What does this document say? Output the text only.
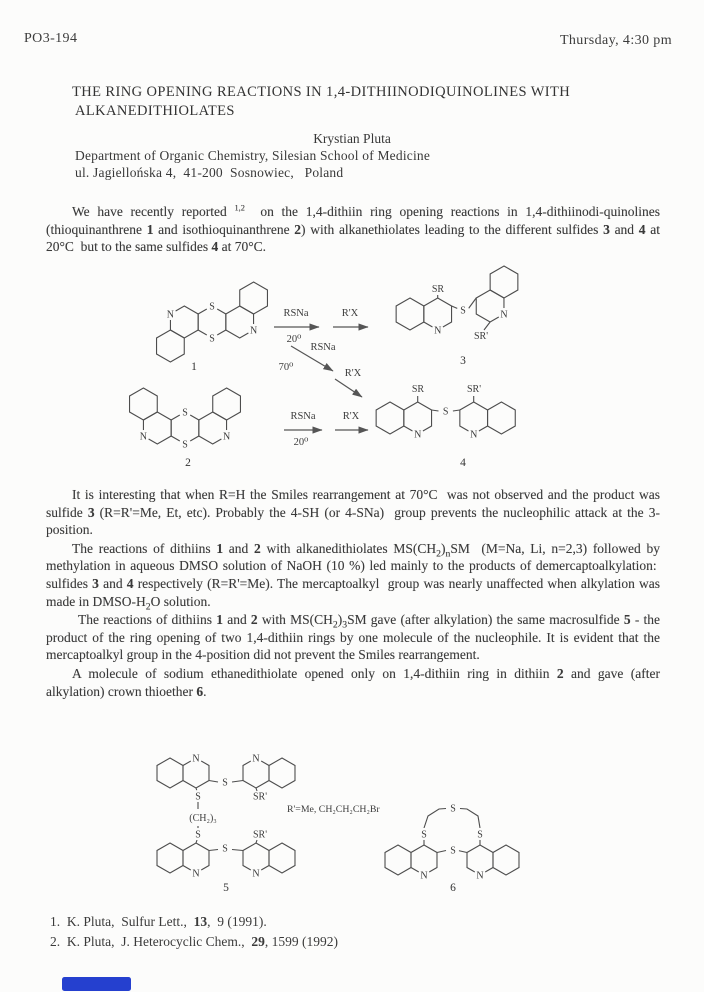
PO3-194	Thursday, 4:30 pm
THE RING OPENING REACTIONS IN 1,4-DITHIINODIQUINOLINES WITH
ALKANEDITHIOLATES
Krystian Pluta
Department of Organic Chemistry, Silesian School of Medicine
ul. Jagiellońska 4,  41-200  Sosnowiec,   Poland

We have recently reported $^{1,2}$  on the 1,4-dithiin ring opening reactions in 1,4-dithiinodi-quinolines (thioquinanthrene 1 and isothioquinanthrene 2) with alkanethiolates leading to the different sulfides 3 and 4 at 20°C  but to the same sulfides 4 at 70°C.

S
S
N
N
S
S
N	N
SR
S
N
N
SR'
SR	SR'
S
N	N
RSNa
20⁰
R'X
RSNa
70⁰
R'X
RSNa
20⁰
R'X
1
2
3
4

It is interesting that when R=H the Smiles rearrangement at 70°C  was not observed and the product was sulfide 3 (R=R'=Me, Et, etc). Probably the 4-SH (or 4-SNa)  group prevents the nucleophilic attack at the 3-position.

The reactions of dithiins 1 and 2 with alkanedithiolates $MS(CH_2)_nSM$  (M=Na, Li, n=2,3) followed by methylation in aqueous DMSO solution of NaOH (10 %) led mainly to the products of demercaptoalkylation:  sulfides 3 and 4 respectively (R=R'=Me). The mercaptoalkyl  group was nearly unaffected when alkylation was made in DMSO-$H_2O$ solution.

The reactions of dithiins 1 and 2 with $MS(CH_2)_3SM$ gave (after alkylation) the same macrosulfide 5 - the product of the ring opening of two 1,4-dithiin rings by one molecule of the nucleophile. It is evident that the mercaptoalkyl group in the 4-position did not prevent the Smiles rearrangement.

A molecule of sodium ethanedithiolate opened only on 1,4-dithiin ring in dithiin 2 and gave (after alkylation) crown thioether 6.

N	N
S
S	SR'
(CH₂)₃
S	SR'
S
N	N
R'=Me, CH₂CH₂CH₂Br	S
S	S
S
N	N
5	6
1.  K. Pluta,  Sulfur Lett.,  13,  9 (1991).
2.  K. Pluta,  J. Heterocyclic Chem.,  29, 1599 (1992)
